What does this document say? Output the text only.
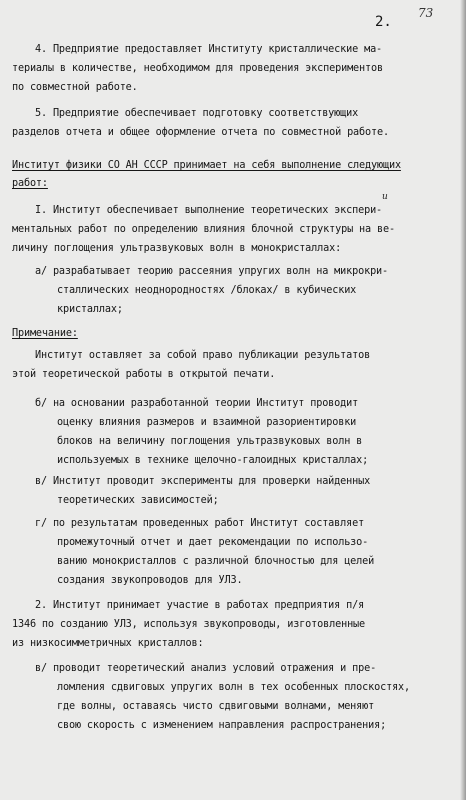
2.
73
и
4. Предприятие предоставляет Институту кристаллические ма-
териалы в количестве, необходимом для проведения экспериментов
по совместной работе.
5. Предприятие обеспечивает подготовку соответствующих
разделов отчета и общее оформление отчета по совместной работе.
Институт физики СО АН СССР принимает на себя выполнение следующих
работ:
I. Институт обеспечивает выполнение теоретических экспери-
ментальных работ по определению влияния блочной структуры на ве-
личину поглощения ультразвуковых волн в монокристаллах:
а/ разрабатывает теорию рассеяния упругих волн на микрокри-
сталлических неоднородностях /блоках/ в кубических
кристаллах;
Примечание:
Институт оставляет за собой право публикации результатов
этой теоретической работы в открытой печати.
б/ на основании разработанной теории Институт проводит
оценку влияния размеров и взаимной разориентировки
блоков на величину поглощения ультразвуковых волн в
используемых в технике щелочно-галоидных кристаллах;
в/ Институт проводит эксперименты для проверки найденных
теоретических зависимостей;
г/ по результатам проведенных работ Институт составляет
промежуточный отчет и дает рекомендации по использо-
ванию монокристаллов с различной блочностью для целей
создания звукопроводов для УЛЗ.
2. Институт принимает участие в работах предприятия п/я
1346 по созданию УЛЗ, используя звукопроводы, изготовленные
из низкосимметричных кристаллов:
в/ проводит теоретический анализ условий отражения и пре-
ломления сдвиговых упругих волн в тех особенных плоскостях,
где волны, оставаясь чисто сдвиговыми волнами, меняют
свою скорость с изменением направления распространения;
